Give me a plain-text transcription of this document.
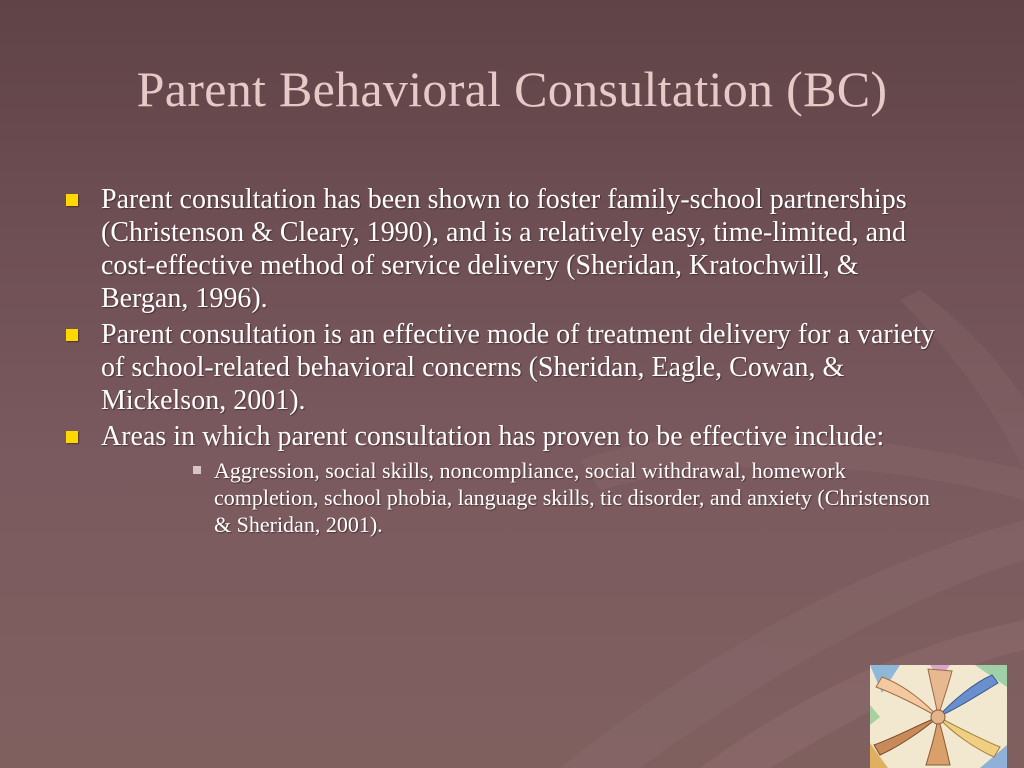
Parent Behavioral Consultation (BC)
Parent consultation has been shown to foster family-school partnerships (Christenson & Cleary, 1990), and is a relatively easy, time-limited, and cost-effective method of service delivery (Sheridan, Kratochwill, & Bergan, 1996).
Parent consultation is an effective mode of treatment delivery for a variety of school-related behavioral concerns (Sheridan, Eagle, Cowan, & Mickelson, 2001).
Areas in which parent consultation has proven to be effective include:
Aggression, social skills, noncompliance, social withdrawal, homework completion, school phobia, language skills, tic disorder, and anxiety (Christenson & Sheridan, 2001).
